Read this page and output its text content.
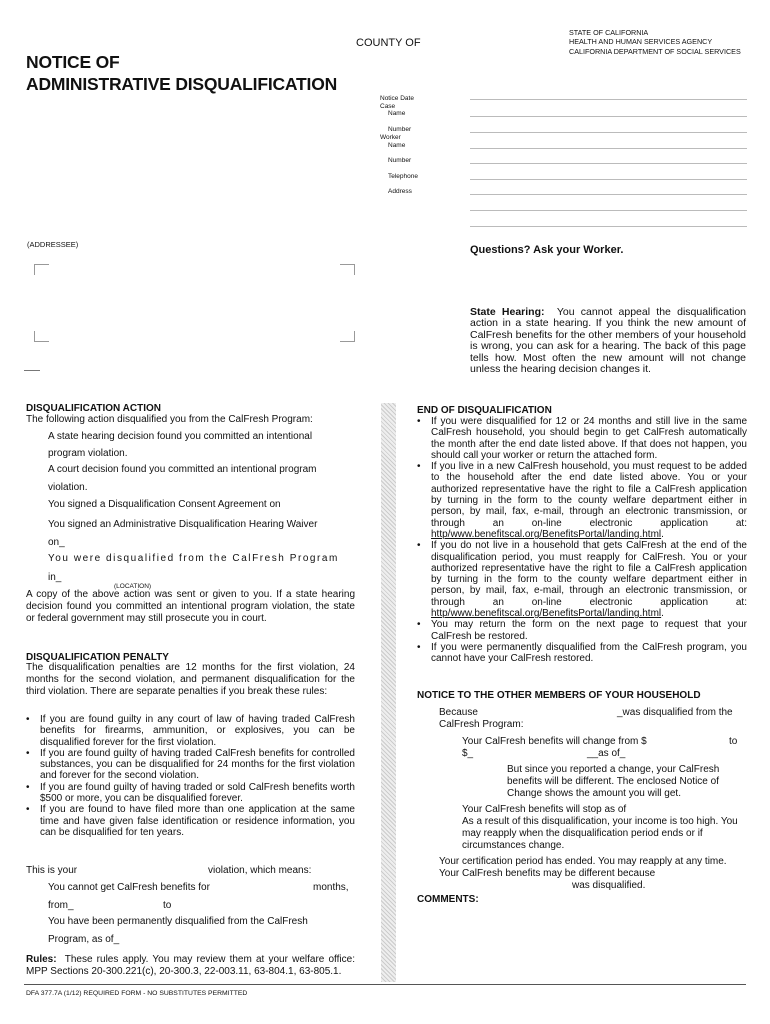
STATE OF CALIFORNIA
HEALTH AND HUMAN SERVICES AGENCY
CALIFORNIA DEPARTMENT OF SOCIAL SERVICES
COUNTY OF
NOTICE OF
ADMINISTRATIVE DISQUALIFICATION
Notice Date
Case
Name
Number
Worker
Name
Number
Telephone
Address
(ADDRESSEE)	Questions? Ask your Worker.
State Hearing: You cannot appeal the disqualification action in a state hearing. If you think the new amount of CalFresh benefits for the other members of your household is wrong, you can ask for a hearing. The back of this page tells how. Most often the new amount will not change unless the hearing decision changes it.
DISQUALIFICATION ACTION
The following action disqualified you from the CalFresh Program:
A state hearing decision found you committed an intentional
program violation.
A court decision found you committed an intentional program
violation.
You signed a Disqualification Consent Agreement on
You signed an Administrative Disqualification Hearing Waiver
on_
You were disqualified from the CalFresh Program
in_
(LOCATION)
A copy of the above action was sent or given to you. If a state hearing decision found you committed an intentional program violation, the state or federal government may still prosecute you in court.
DISQUALIFICATION PENALTY
The disqualification penalties are 12 months for the first violation, 24 months for the second violation, and permanent disqualification for the third violation. There are separate penalties if you break these rules:
• If you are found guilty in any court of law of having traded CalFresh benefits for firearms, ammunition, or explosives, you can be disqualified forever for the first violation.
• If you are found guilty of having traded CalFresh benefits for controlled substances, you can be disqualified for 24 months for the first violation and forever for the second violation.
• If you are found guilty of having traded or sold CalFresh benefits worth $500 or more, you can be disqualified forever.
• If you are found to have filed more than one application at the same time and have given false identification or residence information, you can be disqualified for ten years.
This is your	violation, which means:
You cannot get CalFresh benefits for	months,
from_	to
You have been permanently disqualified from the CalFresh
Program, as of_
Rules: These rules apply. You may review them at your welfare office: MPP Sections 20-300.221(c), 20-300.3, 22-003.11, 63-804.1, 63-805.1.
END OF DISQUALIFICATION
• If you were disqualified for 12 or 24 months and still live in the same CalFresh household, you should begin to get CalFresh automatically the month after the end date listed above. If that does not happen, you should call your worker or return the attached form.
• If you live in a new CalFresh household, you must request to be added to the household after the end date listed above. You or your authorized representative have the right to file a CalFresh application by turning in the form to the county welfare department either in person, by mail, fax, e-mail, through an electronic transmission, or through an on-line electronic application at: http/www.benefitscal.org/BenefitsPortal/landing.html.
• If you do not live in a household that gets CalFresh at the end of the disqualification period, you must reapply for CalFresh. You or your authorized representative have the right to file a CalFresh application by turning in the form to the county welfare department either in person, by mail, fax, e-mail, through an electronic transmission, or through an on-line electronic application at: http/www.benefitscal.org/BenefitsPortal/landing.html.
• You may return the form on the next page to request that your CalFresh be restored.
• If you were permanently disqualified from the CalFresh program, you cannot have your CalFresh restored.
NOTICE TO THE OTHER MEMBERS OF YOUR HOUSEHOLD
Because	_was disqualified from the
CalFresh Program:
Your CalFresh benefits will change from $	to
$_	__as of_
But since you reported a change, your CalFresh benefits will be different. The enclosed Notice of Change shows the amount you will get.
Your CalFresh benefits will stop as of
As a result of this disqualification, your income is too high. You may reapply when the disqualification period ends or if circumstances change.
Your certification period has ended. You may reapply at any time. Your CalFresh benefits may be different because
was disqualified.
COMMENTS:
DFA 377.7A (1/12) REQUIRED FORM - NO SUBSTITUTES PERMITTED
